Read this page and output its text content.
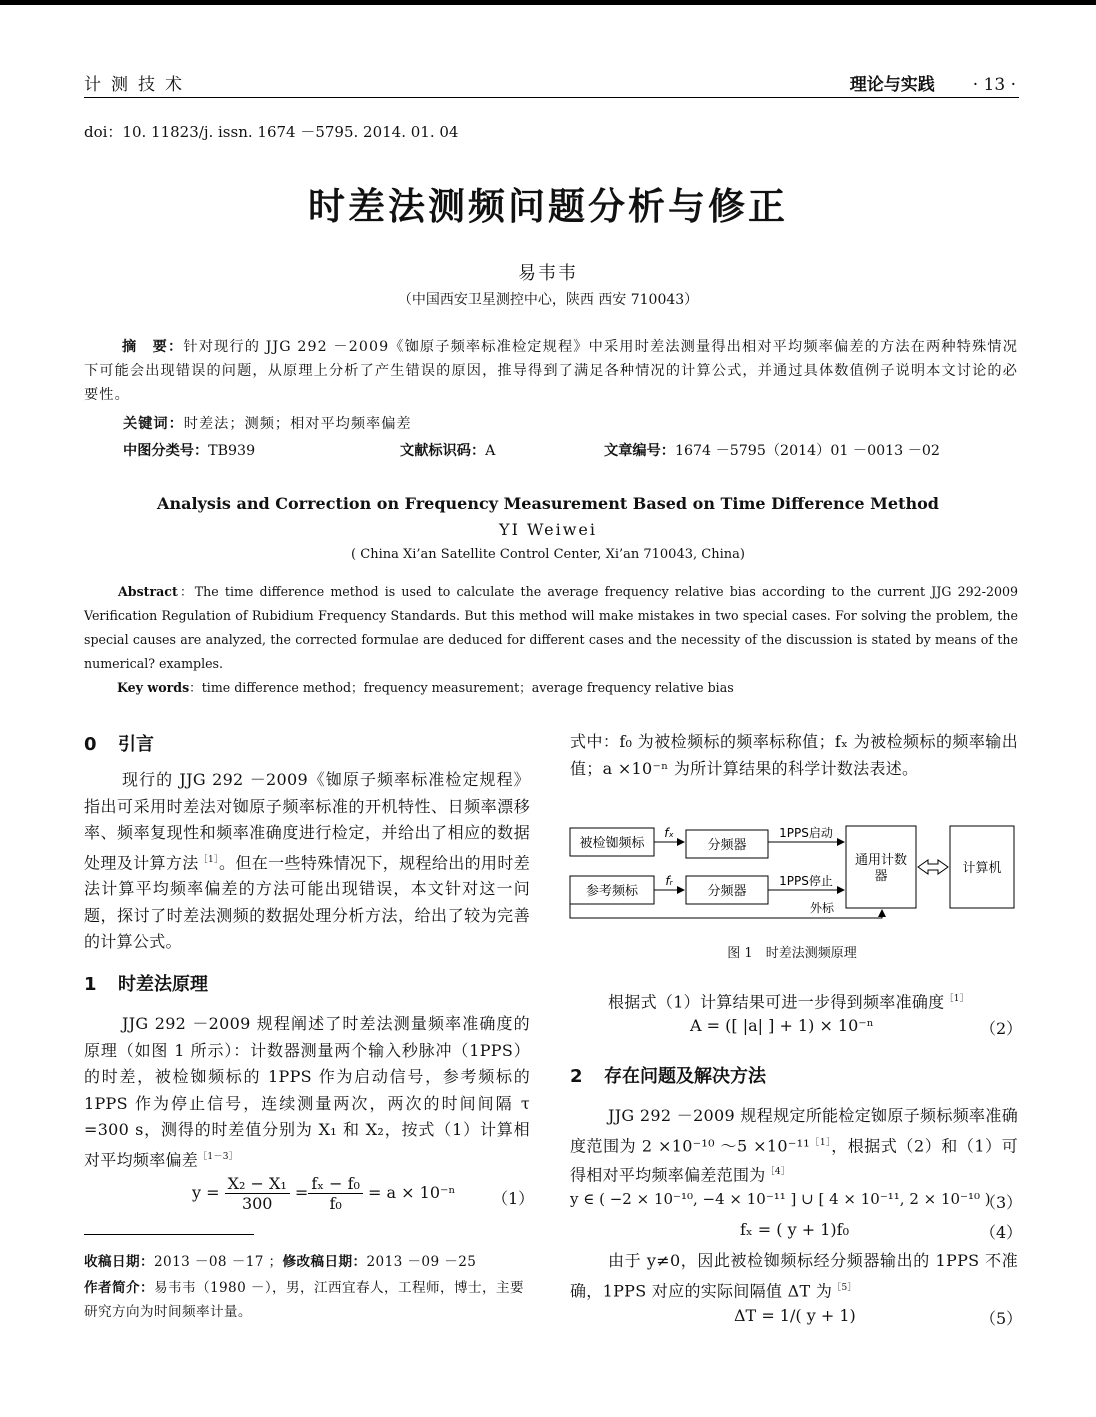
计测技术	理论与实践 · 13 ·
doi：10. 11823/j. issn. 1674 －5795. 2014. 01. 04
时差法测频问题分析与修正
易韦韦
（中国西安卫星测控中心，陕西 西安 710043）
摘　要：针对现行的 JJG 292 －2009《铷原子频率标准检定规程》中采用时差法测量得出相对平均频率偏差的方法在两种特殊情况下可能会出现错误的问题，从原理上分析了产生错误的原因，推导得到了满足各种情况的计算公式，并通过具体数值例子说明本文讨论的必要性。
关键词：时差法；测频；相对平均频率偏差
中图分类号：TB939	文献标识码：A	文章编号：1674 －5795（2014）01 －0013 －02
Analysis and Correction on Frequency Measurement Based on Time Difference Method
YI Weiwei
( China Xi’an Satellite Control Center, Xi’an 710043, China)
Abstract：The time difference method is used to calculate the average frequency relative bias according to the current JJG 292-2009 Verification Regulation of Rubidium Frequency Standards. But this method will make mistakes in two special cases. For solving the problem, the special causes are analyzed, the corrected formulae are deduced for different cases and the necessity of the discussion is stated by means of the numerical? examples.
Key words：time difference method；frequency measurement；average frequency relative bias
0 引言
现行的 JJG 292 －2009《铷原子频率标准检定规程》指出可采用时差法对铷原子频率标准的开机特性、日频率漂移率、频率复现性和频率准确度进行检定，并给出了相应的数据处理及计算方法$^{[1]}$。但在一些特殊情况下，规程给出的用时差法计算平均频率偏差的方法可能出现错误，本文针对这一问题，探讨了时差法测频的数据处理分析方法，给出了较为完善的计算公式。
1 时差法原理
JJG 292 －2009 规程阐述了时差法测量频率准确度的原理（如图 1 所示）：计数器测量两个输入秒脉冲（1PPS）的时差，被检铷频标的 1PPS 作为启动信号，参考频标的 1PPS 作为停止信号，连续测量两次，两次的时间间隔 τ =300 s，测得的时差值分别为 X₁ 和 X₂，按式（1）计算相对平均频率偏差$^{[1-3]}$
$y = \frac{\text{X₂ − X₁}}{300} = \frac{\text{fₓ − f₀}}{\text{f₀}} = a \times 10^{-n}$ （1）
收稿日期：2013 －08 －17 ；修改稿日期：2013 －09 －25
作者简介：易韦韦（1980 －），男，江西宜春人，工程师，博士，主要研究方向为时间频率计量。
式中：f₀ 为被检频标的频率标称值；fₓ 为被检频标的频率输出值；a ×10⁻ⁿ 为所计算结果的科学计数法表述。
被检铷频标
参考频标
分频器
分频器
通用计数
器
计算机
fₓ
fᵣ
1PPS启动
1PPS停止
外标
图 1　时差法测频原理
根据式（1）计算结果可进一步得到频率准确度$^{[1]}$
A = ([ |a| ] + 1) × 10⁻ⁿ	（2）
2 存在问题及解决方法
JJG 292 －2009 规程规定所能检定铷原子频标频率准确度范围为 2 ×10⁻¹⁰ ～5 ×10⁻¹¹$^{[1]}$，根据式（2）和（1）可得相对平均频率偏差范围为$^{[4]}$
y ∈ ( −2 × 10⁻¹⁰, −4 × 10⁻¹¹ ] ∪ [ 4 × 10⁻¹¹, 2 × 10⁻¹⁰ )
（3）
fₓ = ( y + 1)f₀	（4）
由于 y≠0，因此被检铷频标经分频器输出的 1PPS 不准确，1PPS 对应的实际间隔值 ΔT 为$^{[5]}$
ΔT = 1/( y + 1)	（5）
